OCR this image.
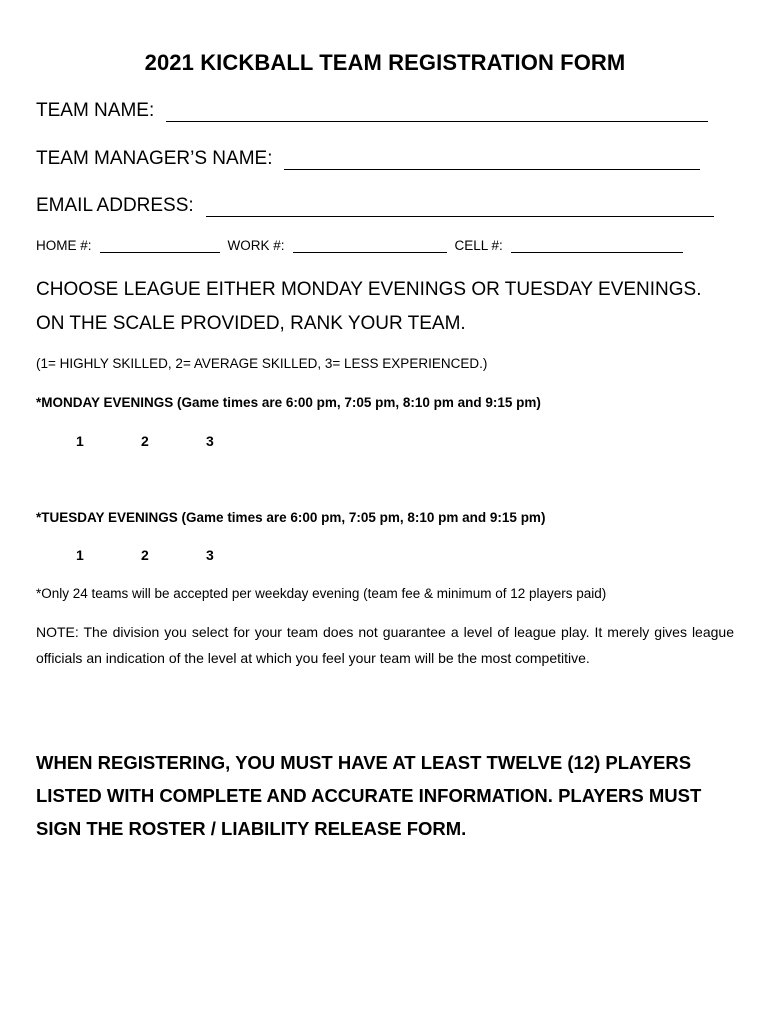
2021 KICKBALL TEAM REGISTRATION FORM
TEAM NAME:
TEAM MANAGER’S NAME:
EMAIL ADDRESS:
HOME #:	WORK #:	CELL #:
CHOOSE LEAGUE EITHER MONDAY EVENINGS OR TUESDAY EVENINGS.
ON THE SCALE PROVIDED, RANK YOUR TEAM.
(1= HIGHLY SKILLED, 2= AVERAGE SKILLED, 3= LESS EXPERIENCED.)
*MONDAY EVENINGS (Game times are 6:00 pm, 7:05 pm, 8:10 pm and 9:15 pm)
1	2	3
*TUESDAY EVENINGS (Game times are 6:00 pm, 7:05 pm, 8:10 pm and 9:15 pm)
1	2	3
*Only 24 teams will be accepted per weekday evening (team fee & minimum of 12 players paid)
NOTE: The division you select for your team does not guarantee a level of league play. It merely gives league officials an indication of the level at which you feel your team will be the most competitive.
WHEN REGISTERING, YOU MUST HAVE AT LEAST TWELVE (12) PLAYERS LISTED WITH COMPLETE AND ACCURATE INFORMATION. PLAYERS MUST SIGN THE ROSTER / LIABILITY RELEASE FORM.
